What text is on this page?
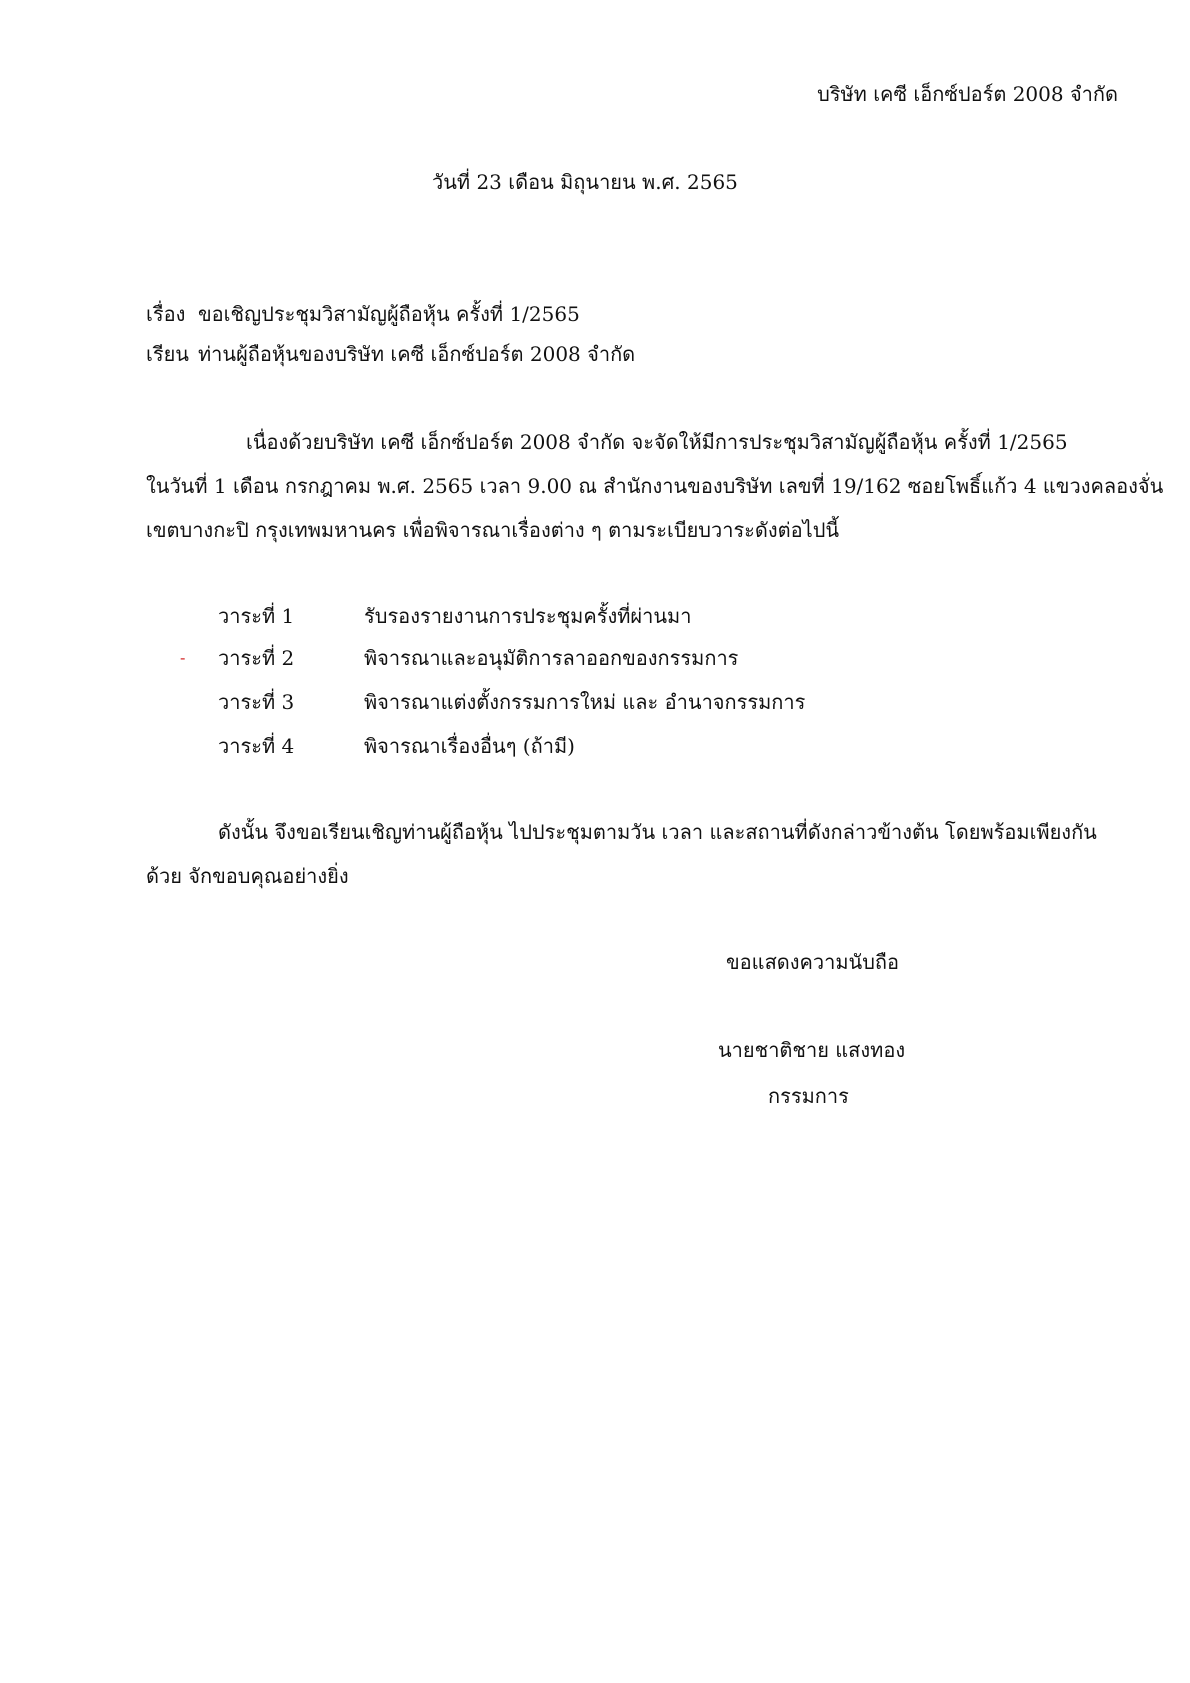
บริษัท เคซี เอ็กซ์ปอร์ต 2008 จำกัด
วันที่ 23 เดือน มิถุนายน พ.ศ. 2565
เรื่อง ขอเชิญประชุมวิสามัญผู้ถือหุ้น ครั้งที่ 1/2565
เรียน ท่านผู้ถือหุ้นของบริษัท เคซี เอ็กซ์ปอร์ต 2008 จำกัด
เนื่องด้วยบริษัท เคซี เอ็กซ์ปอร์ต 2008 จำกัด จะจัดให้มีการประชุมวิสามัญผู้ถือหุ้น ครั้งที่ 1/2565
ในวันที่ 1 เดือน กรกฎาคม พ.ศ. 2565 เวลา 9.00 ณ สำนักงานของบริษัท เลขที่ 19/162 ซอยโพธิ์แก้ว 4 แขวงคลองจั่น
เขตบางกะปิ กรุงเทพมหานคร เพื่อพิจารณาเรื่องต่าง ๆ ตามระเบียบวาระดังต่อไปนี้
-
วาระที่ 1	รับรองรายงานการประชุมครั้งที่ผ่านมา
วาระที่ 2	พิจารณาและอนุมัติการลาออกของกรรมการ
วาระที่ 3	พิจารณาแต่งตั้งกรรมการใหม่ และ อำนาจกรรมการ
วาระที่ 4	พิจารณาเรื่องอื่นๆ (ถ้ามี)
ดังนั้น จึงขอเรียนเชิญท่านผู้ถือหุ้น ไปประชุมตามวัน เวลา และสถานที่ดังกล่าวข้างต้น โดยพร้อมเพียงกัน
ด้วย จักขอบคุณอย่างยิ่ง
ขอแสดงความนับถือ
นายชาติชาย แสงทอง
กรรมการ
